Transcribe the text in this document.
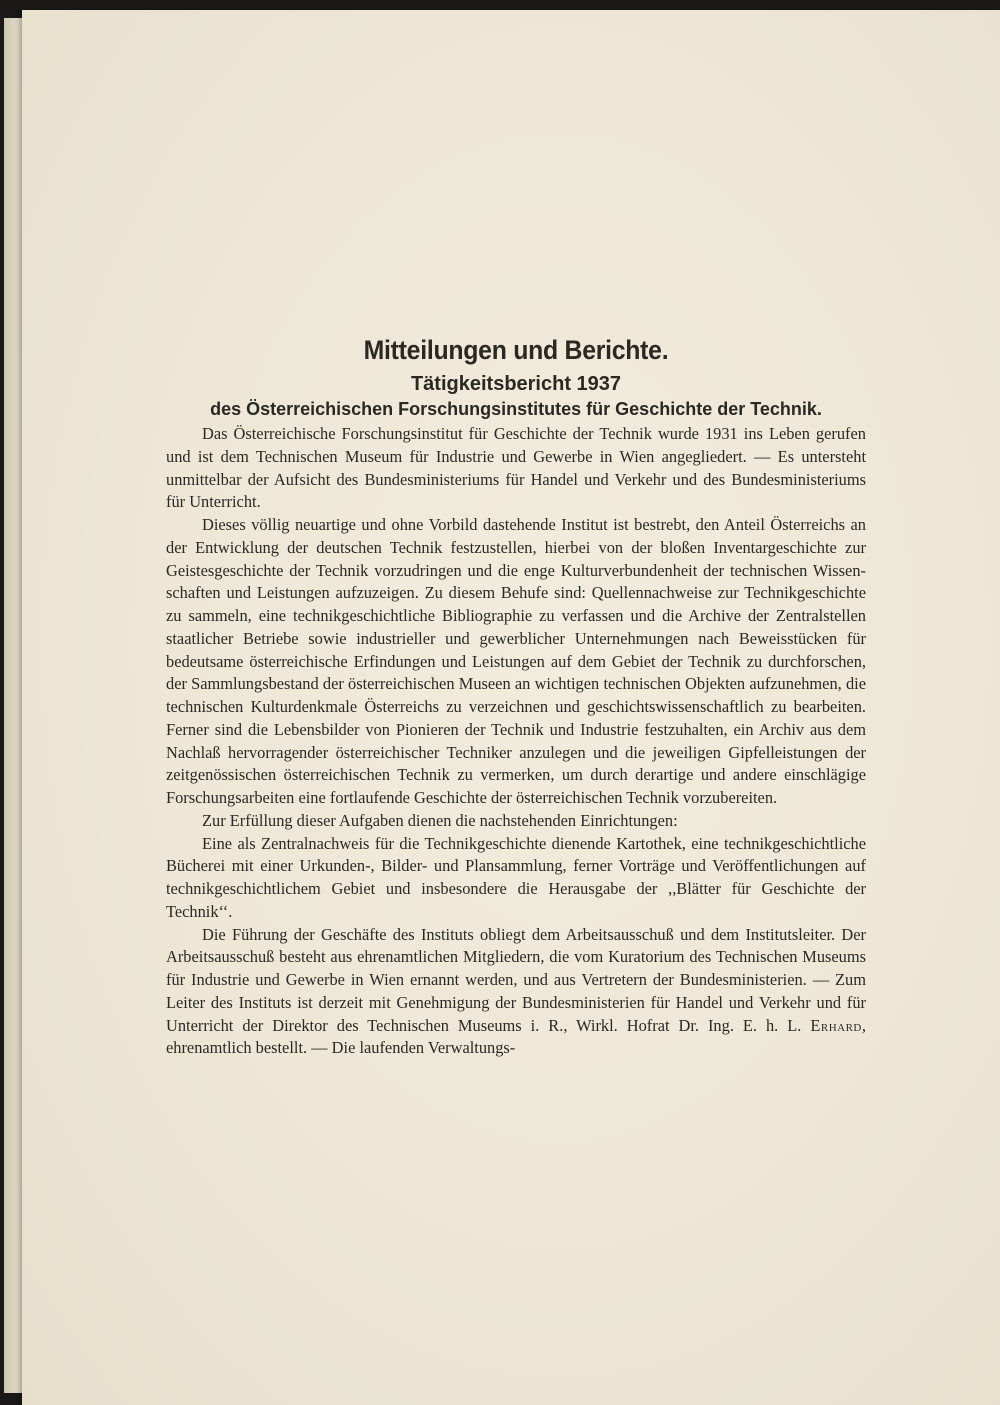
Mitteilungen und Berichte.
Tätigkeitsbericht 1937
des Österreichischen Forschungsinstitutes für Geschichte der Technik.

Das Österreichische Forschungsinstitut für Geschichte der Technik wurde 1931 ins Leben gerufen und ist dem Technischen Museum für Industrie und Gewerbe in Wien angegliedert. — Es untersteht unmittelbar der Aufsicht des Bundesministeriums für Handel und Verkehr und des Bundesministeriums für Unterricht.

Dieses völlig neuartige und ohne Vorbild dastehende Institut ist bestrebt, den Anteil Österreichs an der Entwicklung der deutschen Technik festzustellen, hierbei von der bloßen Inventargeschichte zur Geistesgeschichte der Technik vorzudringen und die enge Kulturverbundenheit der technischen Wissenschaften und Leistungen aufzuzeigen. Zu diesem Behufe sind: Quellennachweise zur Technikgeschichte zu sammeln, eine technikgeschichtliche Bibliographie zu verfassen und die Archive der Zentralstellen staatlicher Betriebe sowie industrieller und gewerblicher Unternehmungen nach Beweisstücken für bedeutsame österreichische Erfindungen und Leistungen auf dem Gebiet der Technik zu durchforschen, der Sammlungsbestand der österreichischen Museen an wichtigen technischen Objekten aufzunehmen, die technischen Kulturdenkmale Österreichs zu verzeichnen und geschichtswissenschaftlich zu bearbeiten. Ferner sind die Lebensbilder von Pionieren der Technik und Industrie festzuhalten, ein Archiv aus dem Nachlaß hervorragender österreichischer Techniker anzulegen und die jeweiligen Gipfelleistungen der zeitgenössischen österreichischen Technik zu vermerken, um durch derartige und andere einschlägige Forschungsarbeiten eine fortlaufende Geschichte der österreichischen Technik vorzubereiten.

Zur Erfüllung dieser Aufgaben dienen die nachstehenden Einrichtungen:

Eine als Zentralnachweis für die Technikgeschichte dienende Kartothek, eine technikgeschichtliche Bücherei mit einer Urkunden-, Bilder- und Plansammlung, ferner Vorträge und Veröffentlichungen auf technikgeschichtlichem Gebiet und insbesondere die Herausgabe der ,,Blätter für Geschichte der Technik‘‘.

Die Führung der Geschäfte des Instituts obliegt dem Arbeitsausschuß und dem Institutsleiter. Der Arbeitsausschuß besteht aus ehrenamtlichen Mitgliedern, die vom Kuratorium des Technischen Museums für Industrie und Gewerbe in Wien ernannt werden, und aus Vertretern der Bundesministerien. — Zum Leiter des Instituts ist derzeit mit Genehmigung der Bundesministerien für Handel und Verkehr und für Unterricht der Direktor des Technischen Museums i. R., Wirkl. Hofrat Dr. Ing. E. h. L. Erhard, ehrenamtlich bestellt. — Die laufenden Verwaltungs-
